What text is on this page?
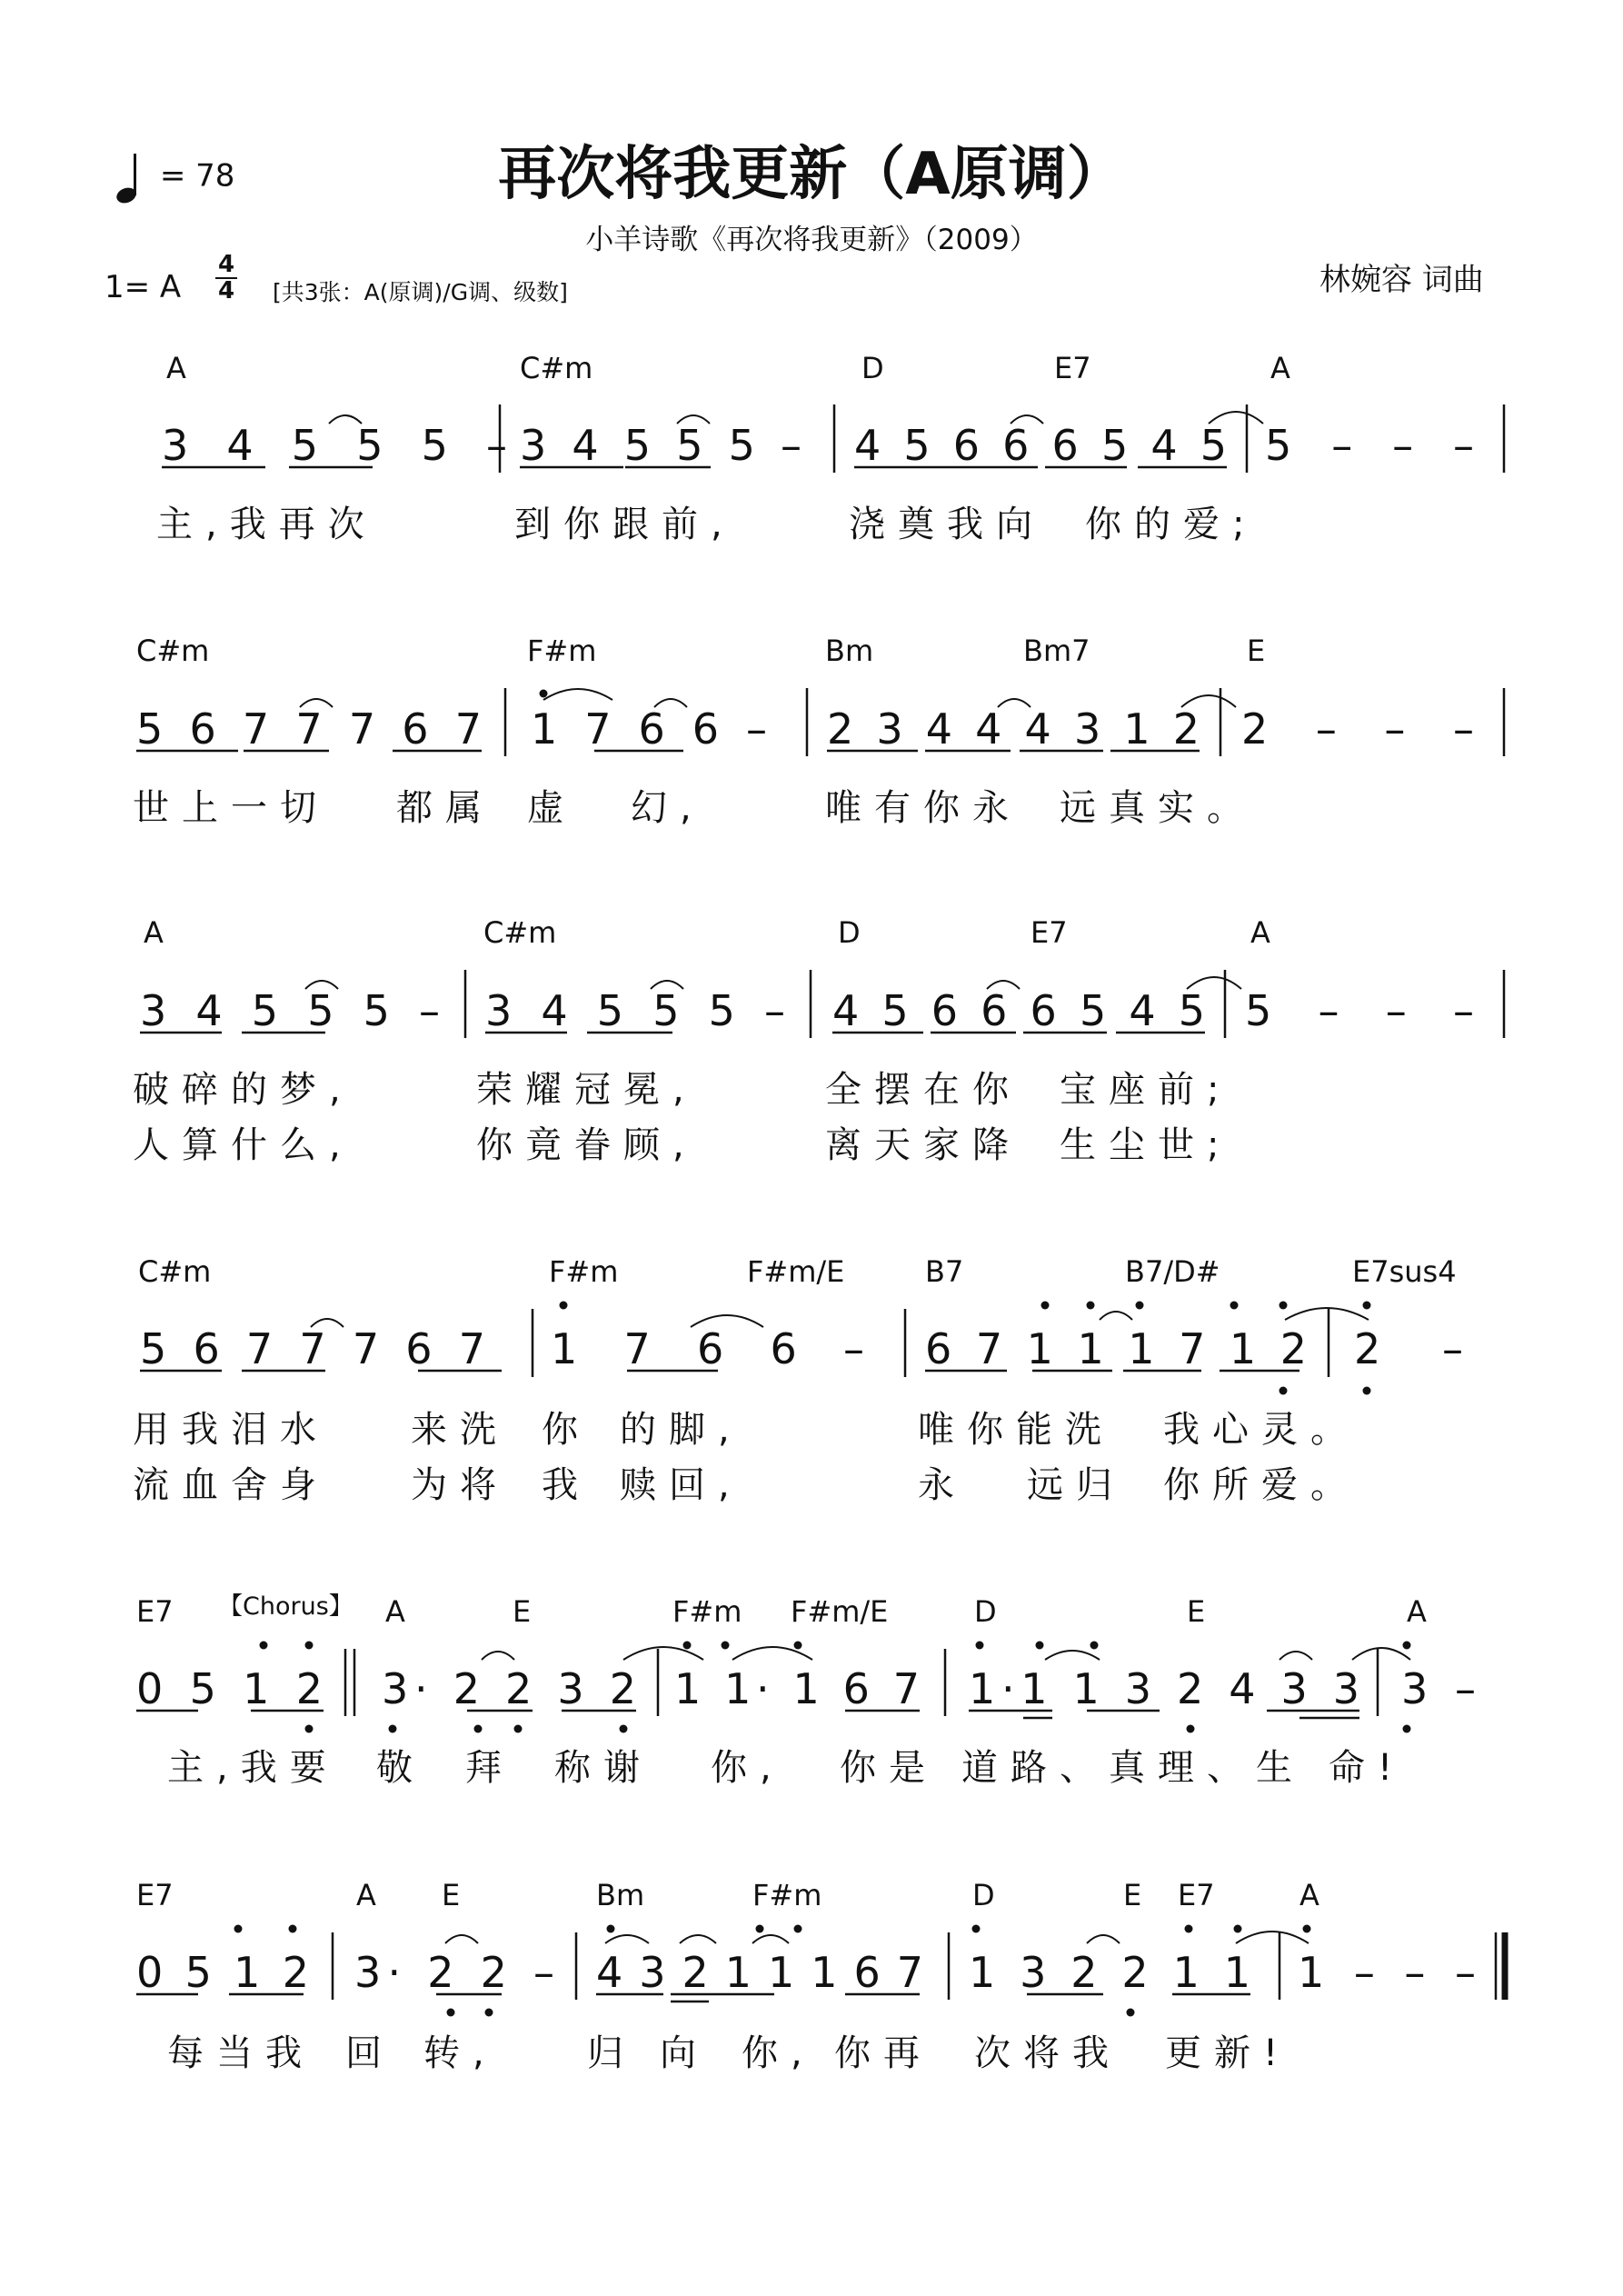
再次将我更新（A原调）
小羊诗歌《再次将我更新》（2009）
= 78
1= A
4
4 [共3张：A(原调)/G调、级数]	林婉容 词曲
A	C#m	D	E7	A
3 4 5 5 5 – 3 4 5 5 5 – 4 5 6 6 6 5 4 5 5 – – –
主,我再次	到你跟前,	浇奠我向 你的爱;
C#m	F#m	Bm	Bm7	E
5 6 7 7 7 6 7 1 7 6 6 – 2 3 4 4 4 3 1 2 2 – – –
世上一切 都属 虚 幻,	唯有你永 远真实。
A	C#m	D	E7	A
3 4 5 5 5 – 3 4 5 5 5 – 4 5 6 6 6 5 4 5 5 – – –
破碎的梦,	荣耀冠冕,	全摆在你 宝座前;
人算什么,	你竟眷顾,	离天家降 生尘世;
C#m	F#m	F#m/E	B7	B7/D#	E7sus4
5 6 7 7 7 6 7 1 7 6 6 – 6 7 1 1 1 7 1 2 2 –
用我泪水 来洗 你 的脚,	唯你能洗 我心灵。
流血舍身 为将 我 赎回,	永 远归 你所爱。
E7 【Chorus】 A	E	F#m F#m/E	D	E	A
0 5 1 2 3· 2 2 3 2 1 1· 1 6 7 1·1 1 3 2 4 3 3 3 –
主,我要 敬 拜 称谢 你, 你是 道路、真理、生 命!
E7	A E	Bm	F#m	D	E E7	A
0 5 1 2 3· 2 2 – 4 3 2 1 1 1 6 7 1 3 2 2 1 1 1 – – –
每当我 回 转, 归 向 你, 你再 次将我 更新!
